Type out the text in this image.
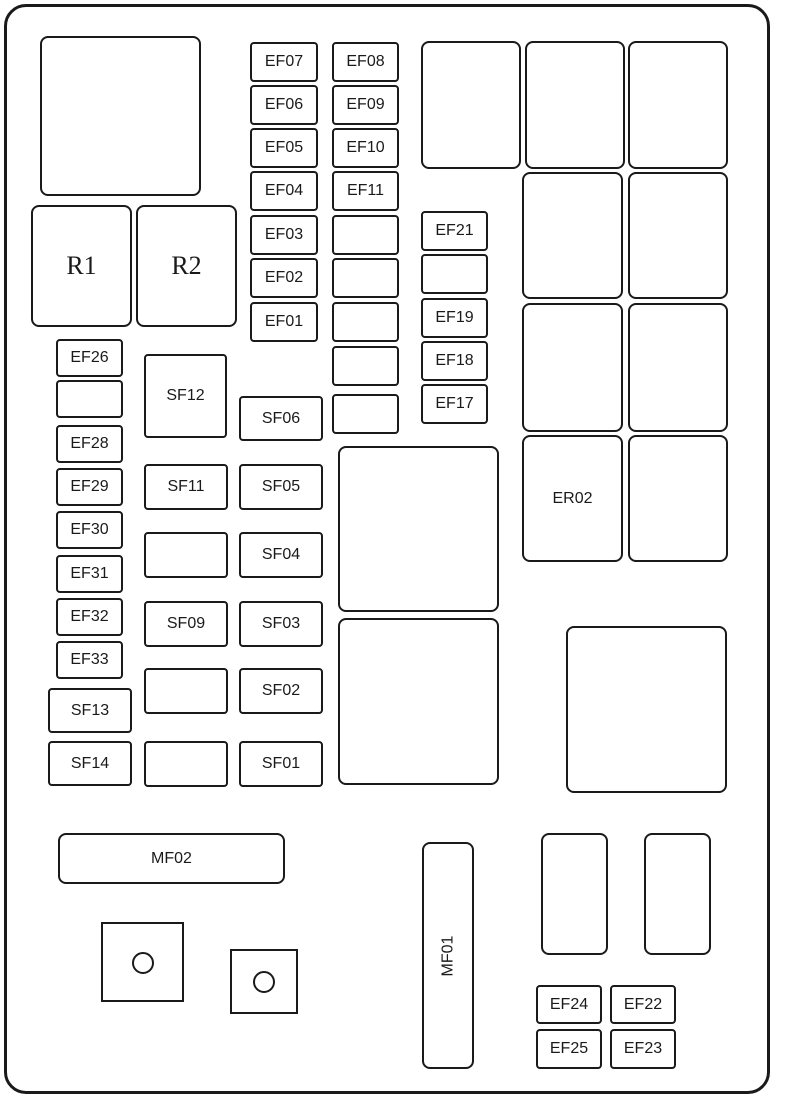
R1	R2
EF07
EF06
EF05
EF04
EF03
EF02
EF01
EF08
EF09
EF10
EF11
EF21
EF19
EF18
EF17
ER02
EF26
EF28
EF29
EF30
EF31
EF32
EF33
SF13
SF14
SF12
SF11
SF09
SF06
SF05
SF04
SF03
SF02
SF01
MF02
MF01
EF24 EF22
EF25 EF23
